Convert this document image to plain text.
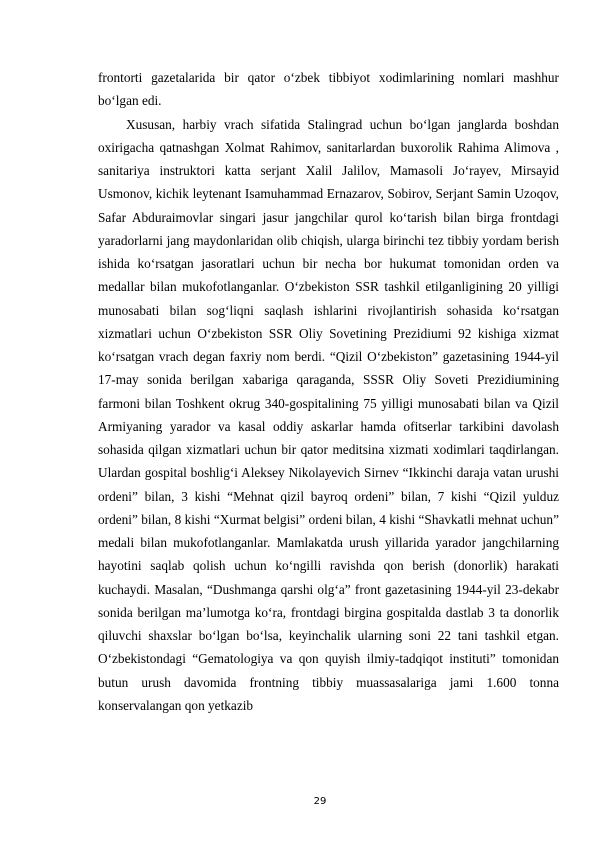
frontorti gazetalarida bir qator o‘zbek tibbiyot xodimlarining nomlari mashhur bo‘lgan edi.

Xususan, harbiy vrach sifatida Stalingrad uchun bo‘lgan janglarda boshdan oxirigacha qatnashgan Xolmat Rahimov, sanitarlardan buxorolik Rahima Alimova , sanitariya instruktori katta serjant Xalil Jalilov, Mamasoli Jo‘rayev, Mirsayid Usmonov, kichik leytenant Isamuhammad Ernazarov, Sobirov, Serjant Samin Uzoqov, Safar Abduraimovlar singari jasur jangchilar qurol ko‘tarish bilan birga frontdagi yaradorlarni jang maydonlaridan olib chiqish, ularga birinchi tez tibbiy yordam berish ishida ko‘rsatgan jasoratlari uchun bir necha bor hukumat tomonidan orden va medallar bilan mukofotlanganlar. O‘zbekiston SSR tashkil etilganligining 20 yilligi munosabati bilan sog‘liqni saqlash ishlarini rivojlantirish sohasida ko‘rsatgan xizmatlari uchun O‘zbekiston SSR Oliy Sovetining Prezidiumi 92 kishiga xizmat ko‘rsatgan vrach degan faxriy nom berdi. “Qizil O‘zbekiston” gazetasining 1944-yil 17-may sonida berilgan xabariga qaraganda, SSSR Oliy Soveti Prezidiumining farmoni bilan Toshkent okrug 340-gospitalining 75 yilligi munosabati bilan va Qizil Armiyaning yarador va kasal oddiy askarlar hamda ofitserlar tarkibini davolash sohasida qilgan xizmatlari uchun bir qator meditsina xizmati xodimlari taqdirlangan. Ulardan gospital boshlig‘i Aleksey Nikolayevich Sirnev “Ikkinchi daraja vatan urushi ordeni” bilan, 3 kishi “Mehnat qizil bayroq ordeni” bilan, 7 kishi “Qizil yulduz ordeni” bilan, 8 kishi “Xurmat belgisi” ordeni bilan, 4 kishi “Shavkatli mehnat uchun” medali bilan mukofotlanganlar. Mamlakatda urush yillarida yarador jangchilarning hayotini saqlab qolish uchun ko‘ngilli ravishda qon berish (donorlik) harakati kuchaydi. Masalan, “Dushmanga qarshi olg‘a” front gazetasining 1944-yil 23-dekabr sonida berilgan ma’lumotga ko‘ra, frontdagi birgina gospitalda dastlab 3 ta donorlik qiluvchi shaxslar bo‘lgan bo‘lsa, keyinchalik ularning soni 22 tani tashkil etgan. O‘zbekistondagi “Gematologiya va qon quyish ilmiy-tadqiqot instituti” tomonidan butun urush davomida frontning tibbiy muassasalariga jami 1.600 tonna konservalangan qon yetkazib

29
